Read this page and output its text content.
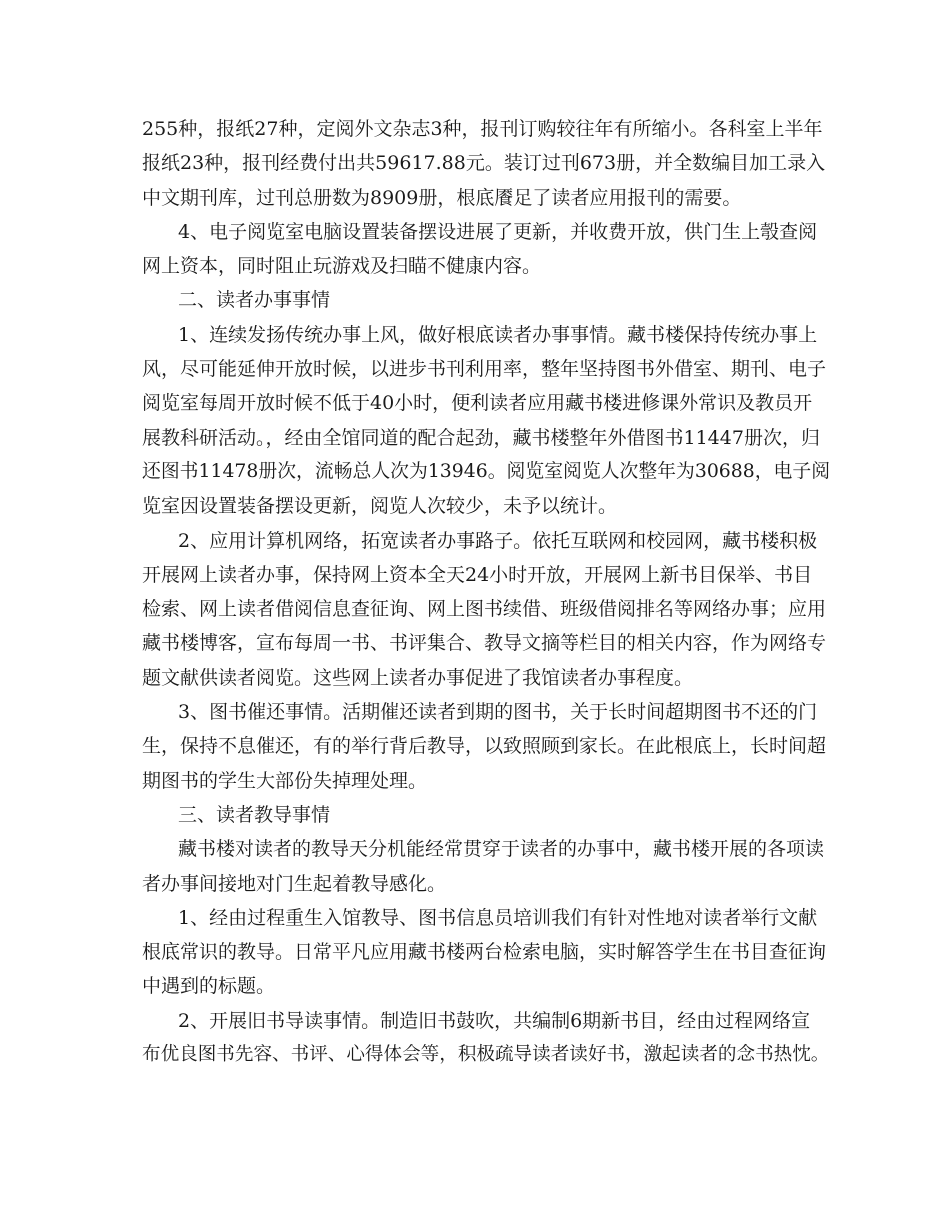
255种，报纸27种，定阅外文杂志3种，报刊订购较往年有所缩小。各科室上半年
报纸23种，报刊经费付出共59617.88元。装订过刊673册，并全数编目加工录入
中文期刊库，过刊总册数为8909册，根底餍足了读者应用报刊的需要。
4、电子阅览室电脑设置装备摆设进展了更新，并收费开放，供门生上彀查阅
网上资本，同时阻止玩游戏及扫瞄不健康内容。
二、读者办事事情
1、连续发扬传统办事上风，做好根底读者办事事情。藏书楼保持传统办事上
风，尽可能延伸开放时候，以进步书刊利用率，整年坚持图书外借室、期刊、电子
阅览室每周开放时候不低于40小时，便利读者应用藏书楼进修课外常识及教员开
展教科研活动。，经由全馆同道的配合起劲，藏书楼整年外借图书11447册次，归
还图书11478册次，流畅总人次为13946。阅览室阅览人次整年为30688，电子阅
览室因设置装备摆设更新，阅览人次较少，未予以统计。
2、应用计算机网络，拓宽读者办事路子。依托互联网和校园网，藏书楼积极
开展网上读者办事，保持网上资本全天24小时开放，开展网上新书目保举、书目
检索、网上读者借阅信息查征询、网上图书续借、班级借阅排名等网络办事；应用
藏书楼博客，宣布每周一书、书评集合、教导文摘等栏目的相关内容，作为网络专
题文献供读者阅览。这些网上读者办事促进了我馆读者办事程度。
3、图书催还事情。活期催还读者到期的图书，关于长时间超期图书不还的门
生，保持不息催还，有的举行背后教导，以致照顾到家长。在此根底上，长时间超
期图书的学生大部份失掉理处理。
三、读者教导事情
藏书楼对读者的教导天分机能经常贯穿于读者的办事中，藏书楼开展的各项读
者办事间接地对门生起着教导感化。
1、经由过程重生入馆教导、图书信息员培训我们有针对性地对读者举行文献
根底常识的教导。日常平凡应用藏书楼两台检索电脑，实时解答学生在书目查征询
中遇到的标题。
2、开展旧书导读事情。制造旧书鼓吹，共编制6期新书目，经由过程网络宣
布优良图书先容、书评、心得体会等，积极疏导读者读好书，激起读者的念书热忱。
